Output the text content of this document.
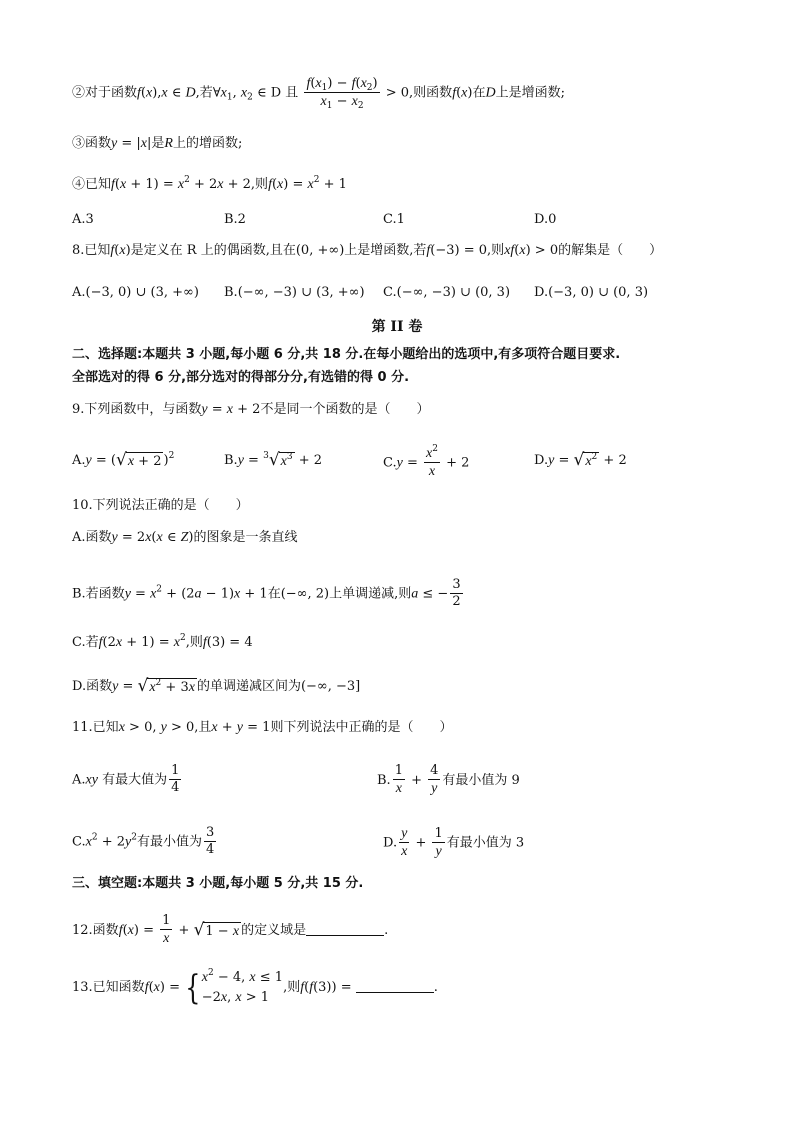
②对于函数f(x),x ∈ D,若$\forall x_1$, $x_2$ ∈ D 且 $\frac{f(x_1) - f(x_2)}{x_1 - x_2} > 0$,则函数f(x)在D上是增函数;
③函数y = |x|是R上的增函数;
④已知$f(x + 1) = x^2 + 2x + 2$,则$f(x) = x^2 + 1$
A.3	B.2	C.1	D.0
8.已知f(x)是定义在 R 上的偶函数,且在(0, +∞)上是增函数,若f(−3) = 0,则xf(x) > 0的解集是（　　）
A.(−3, 0) ∪ (3, +∞) B.(−∞, −3) ∪ (3, +∞) C.(−∞, −3) ∪ (0, 3) D.(−3, 0) ∪ (0, 3)
第 II 卷
二、选择题:本题共 3 小题,每小题 6 分,共 18 分.在每小题给出的选项中,有多项符合题目要求.
全部选对的得 6 分,部分选对的得部分分,有选错的得 0 分.
9.下列函数中，与函数y = x + 2不是同一个函数的是（　　）
A.y = ( √ x + 2 )$^2$	B.y = $^3$ √ $x^3 + 2$	$C.y = \frac{x^2}{x} + 2$	D.y = √ $x^2 + 2$
10.下列说法正确的是（　　）
A.函数y = 2x(x ∈ Z)的图象是一条直线
B.若函数$y = x^2 + (2a - 1)x + 1$在(−∞, 2)上单调递减,则a ≤ − $\frac{3}{2}$
C.若$f(2x + 1) = x^2$,则f(3) = 4
D.函数y = √ $x^2 + 3x$ 的单调递减区间为(−∞, −3]
11.已知x > 0, y > 0,且x + y = 1则下列说法中正确的是（　　）
A.xy 有最大值为 $\frac{1}{4}$	B. $\frac{1}{x} + \frac{4}{y}$ 有最小值为 9
$C.x^2 + 2y^2$有最小值为 $\frac{3}{4}$	D. $\frac{y}{x} + \frac{1}{y}$ 有最小值为 3
三、填空题:本题共 3 小题,每小题 5 分,共 15 分.
12.函数$f(x) = \frac{1}{x}$ + √ 1 − x 的定义域是	.
13.已知函数f(x) = { $x^2 - 4$, x ≤ 1
−2x, x > 1
,则f(f(3)) =	.
